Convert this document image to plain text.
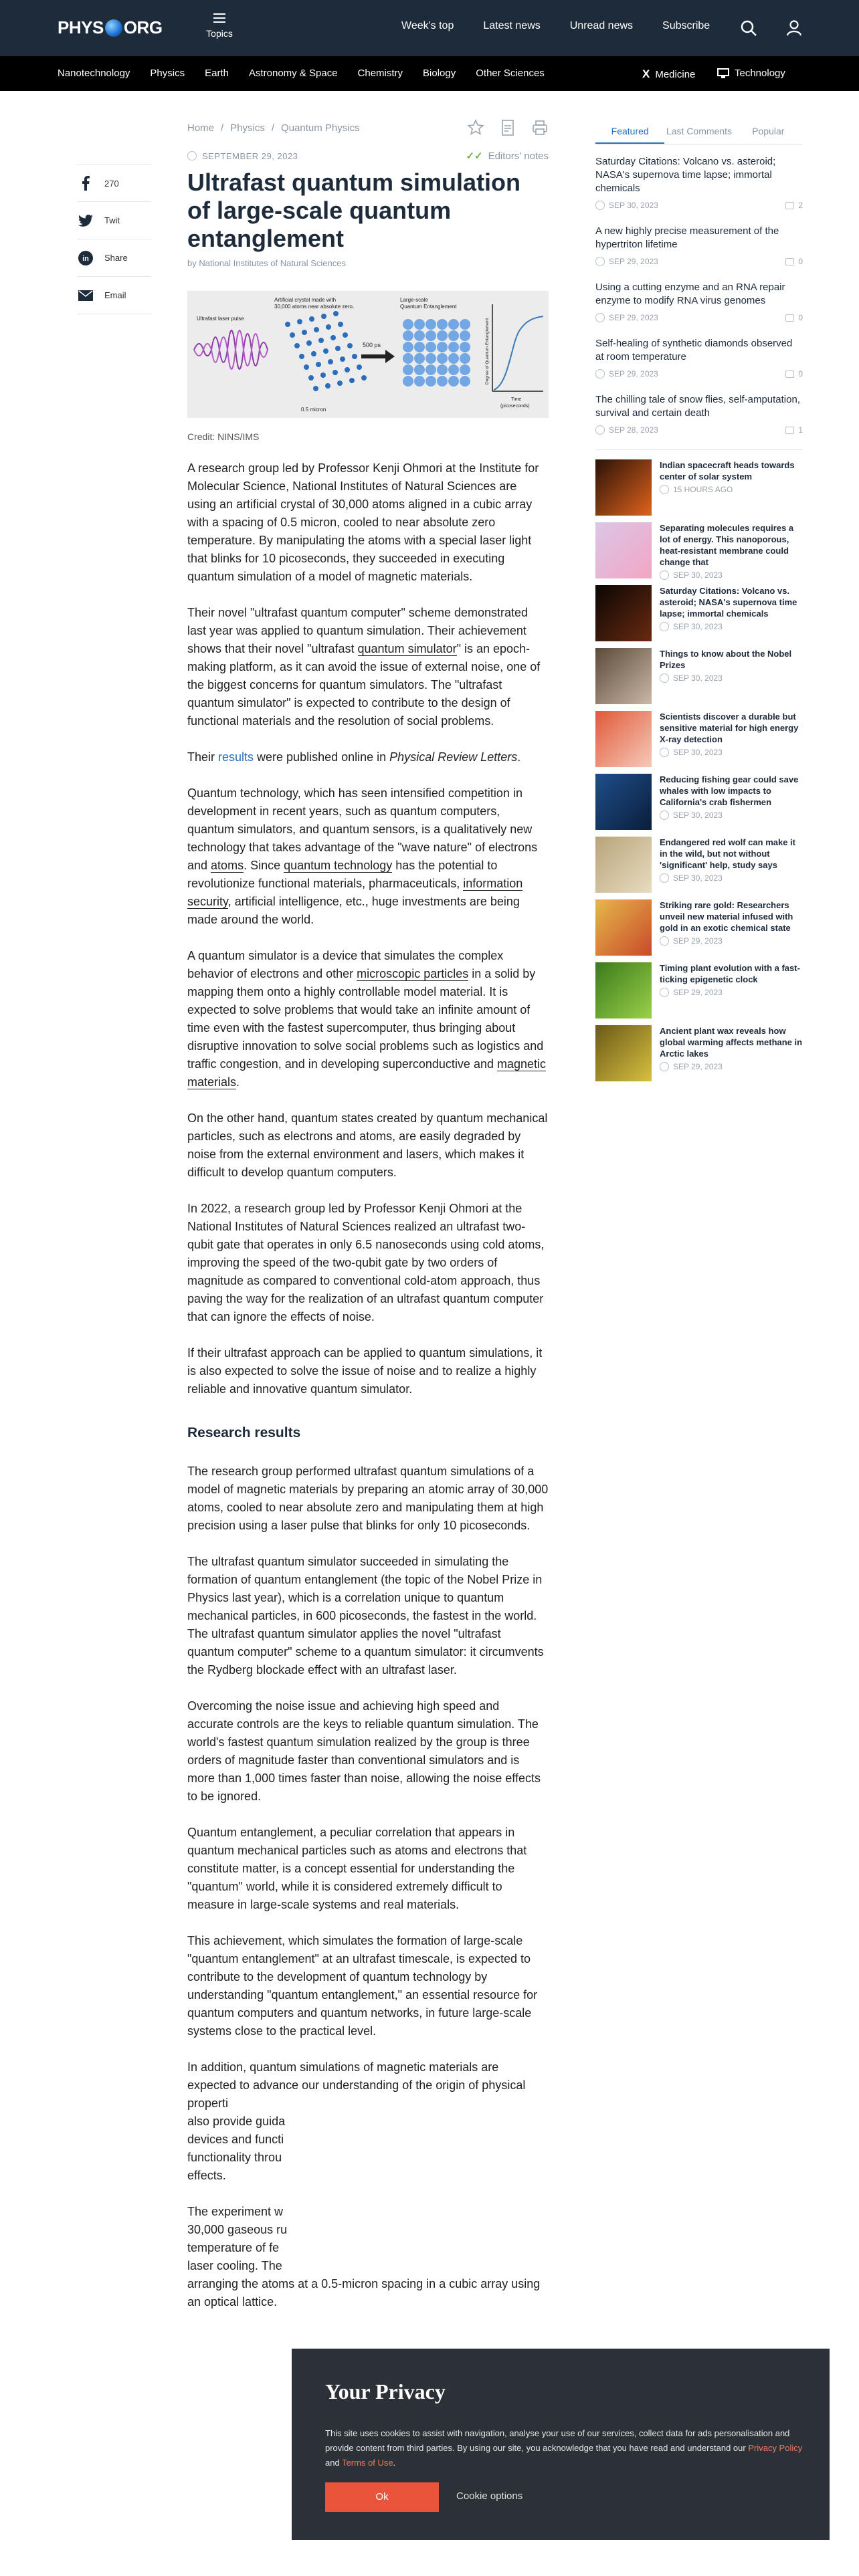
PHYS ORG	Topics
Week's top	Latest news	Unread news	Subscribe
Nanotechnology Physics Earth Astronomy & Space Chemistry Biology Other Sciences	X Medicine	Technology
270
Twit
in Share
Email
Home / Physics / Quantum Physics
SEPTEMBER 29, 2023	✓✓ Editors' notes
Ultrafast quantum simulation of large-scale quantum entanglement
by National Institutes of Natural Sciences
Ultrafast laser pulse
Artificial crystal made with
30,000 atoms near absolute zero.
0.5 micron
500 ps
Large-scale
Quantum Entanglement
Degree of Quantum Entanglement
Time
(picoseconds)
Credit: NINS/IMS

A research group led by Professor Kenji Ohmori at the Institute for Molecular Science, National Institutes of Natural Sciences are using an artificial crystal of 30,000 atoms aligned in a cubic array with a spacing of 0.5 micron, cooled to near absolute zero temperature. By manipulating the atoms with a special laser light that blinks for 10 picoseconds, they succeeded in executing quantum simulation of a model of magnetic materials.

Their novel "ultrafast quantum computer" scheme demonstrated last year was applied to quantum simulation. Their achievement shows that their novel "ultrafast quantum simulator" is an epoch-making platform, as it can avoid the issue of external noise, one of the biggest concerns for quantum simulators. The "ultrafast quantum simulator" is expected to contribute to the design of functional materials and the resolution of social problems.

Their results were published online in Physical Review Letters.

Quantum technology, which has seen intensified competition in development in recent years, such as quantum computers, quantum simulators, and quantum sensors, is a qualitatively new technology that takes advantage of the "wave nature" of electrons and atoms. Since quantum technology has the potential to revolutionize functional materials, pharmaceuticals, information security, artificial intelligence, etc., huge investments are being made around the world.

A quantum simulator is a device that simulates the complex behavior of electrons and other microscopic particles in a solid by mapping them onto a highly controllable model material. It is expected to solve problems that would take an infinite amount of time even with the fastest supercomputer, thus bringing about disruptive innovation to solve social problems such as logistics and traffic congestion, and in developing superconductive and magnetic materials.

On the other hand, quantum states created by quantum mechanical particles, such as electrons and atoms, are easily degraded by noise from the external environment and lasers, which makes it difficult to develop quantum computers.

In 2022, a research group led by Professor Kenji Ohmori at the National Institutes of Natural Sciences realized an ultrafast two-qubit gate that operates in only 6.5 nanoseconds using cold atoms, improving the speed of the two-qubit gate by two orders of magnitude as compared to conventional cold-atom approach, thus paving the way for the realization of an ultrafast quantum computer that can ignore the effects of noise.

If their ultrafast approach can be applied to quantum simulations, it is also expected to solve the issue of noise and to realize a highly reliable and innovative quantum simulator.

Research results

The research group performed ultrafast quantum simulations of a model of magnetic materials by preparing an atomic array of 30,000 atoms, cooled to near absolute zero and manipulating them at high precision using a laser pulse that blinks for only 10 picoseconds.

The ultrafast quantum simulator succeeded in simulating the formation of quantum entanglement (the topic of the Nobel Prize in Physics last year), which is a correlation unique to quantum mechanical particles, in 600 picoseconds, the fastest in the world. The ultrafast quantum simulator applies the novel "ultrafast quantum computer" scheme to a quantum simulator: it circumvents the Rydberg blockade effect with an ultrafast laser.

Overcoming the noise issue and achieving high speed and accurate controls are the keys to reliable quantum simulation. The world's fastest quantum simulation realized by the group is three orders of magnitude faster than conventional simulators and is more than 1,000 times faster than noise, allowing the noise effects to be ignored.

Quantum entanglement, a peculiar correlation that appears in quantum mechanical particles such as atoms and electrons that constitute matter, is a concept essential for understanding the "quantum" world, while it is considered extremely difficult to measure in large-scale systems and real materials.

This achievement, which simulates the formation of large-scale "quantum entanglement" at an ultrafast timescale, is expected to contribute to the development of quantum technology by understanding "quantum entanglement," an essential resource for quantum computers and quantum networks, in future large-scale systems close to the practical level.

In addition, quantum simulations of magnetic materials are expected to advance our understanding of the origin of physical properti
also provide guida
devices and functi
functionality throu
effects.

The experiment w
30,000 gaseous ru
temperature of fe
laser cooling. The
arranging the atoms at a 0.5-micron spacing in a cubic array using an optical lattice.

Featured	Last Comments	Popular
Saturday Citations: Volcano vs. asteroid; NASA's supernova time lapse; immortal chemicals
SEP 30, 2023	2
A new highly precise measurement of the hypertriton lifetime
SEP 29, 2023	0
Using a cutting enzyme and an RNA repair enzyme to modify RNA virus genomes
SEP 29, 2023	0
Self-healing of synthetic diamonds observed at room temperature
SEP 29, 2023	0
The chilling tale of snow flies, self-amputation, survival and certain death
SEP 28, 2023	1
Indian spacecraft heads towards center of solar system
15 HOURS AGO
Separating molecules requires a lot of energy. This nanoporous, heat-resistant membrane could change that
SEP 30, 2023
Saturday Citations: Volcano vs. asteroid; NASA's supernova time lapse; immortal chemicals
SEP 30, 2023
Things to know about the Nobel Prizes
SEP 30, 2023
Scientists discover a durable but sensitive material for high energy X-ray detection
SEP 30, 2023
Reducing fishing gear could save whales with low impacts to California's crab fishermen
SEP 30, 2023
Endangered red wolf can make it in the wild, but not without 'significant' help, study says
SEP 30, 2023
Striking rare gold: Researchers unveil new material infused with gold in an exotic chemical state
SEP 29, 2023
Timing plant evolution with a fast-ticking epigenetic clock
SEP 29, 2023
Ancient plant wax reveals how global warming affects methane in Arctic lakes
SEP 29, 2023
Your Privacy

This site uses cookies to assist with navigation, analyse your use of our services, collect data for ads personalisation and provide content from third parties. By using our site, you acknowledge that you have read and understand our Privacy Policy and Terms of Use.

Ok	Cookie options
